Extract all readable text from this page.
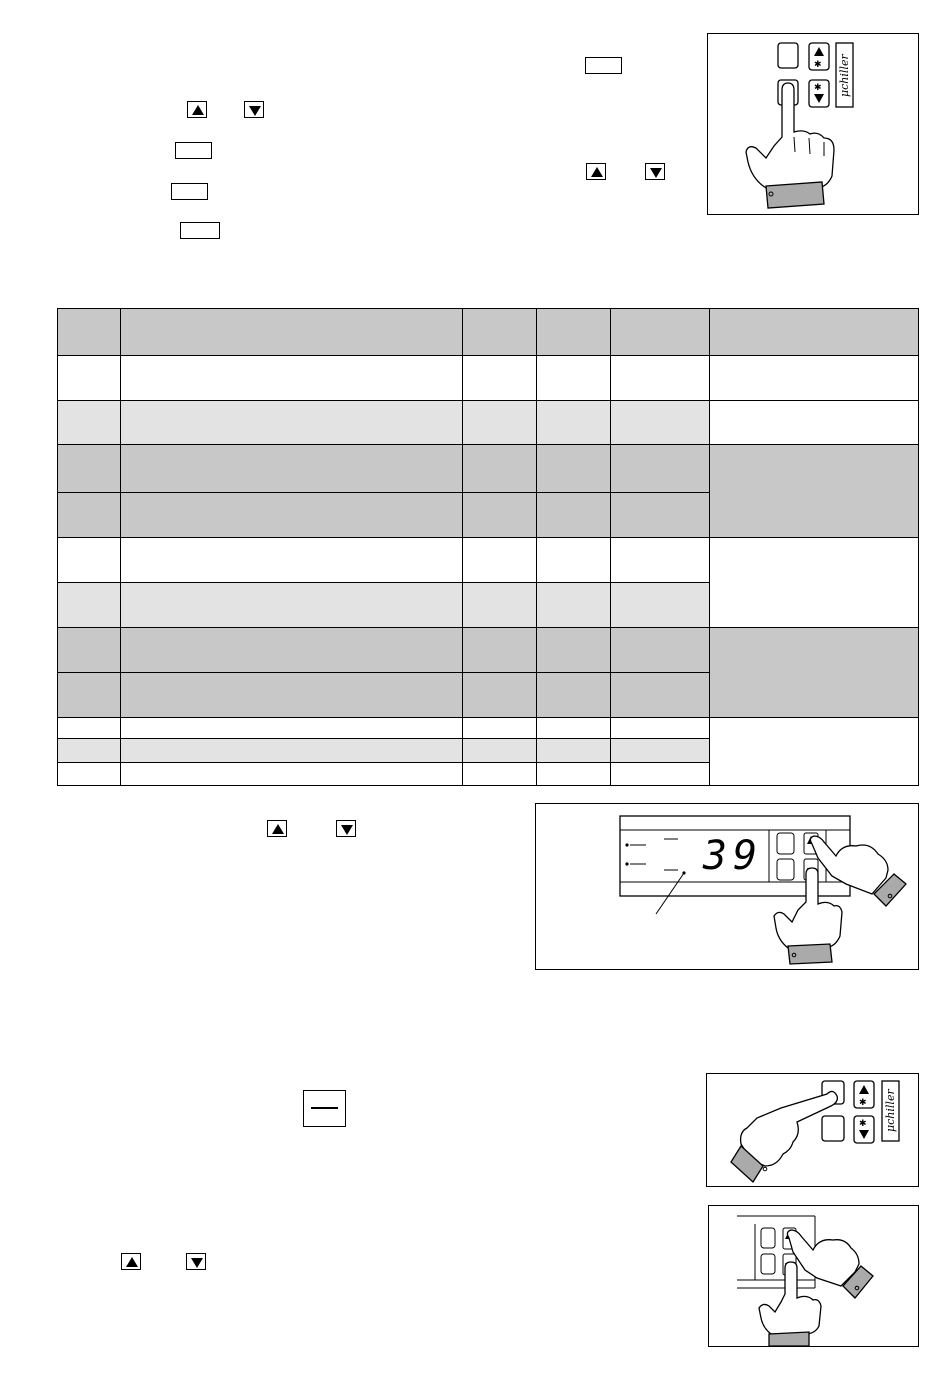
✱
✱ μchiller

39
✱
✱ μchiller
